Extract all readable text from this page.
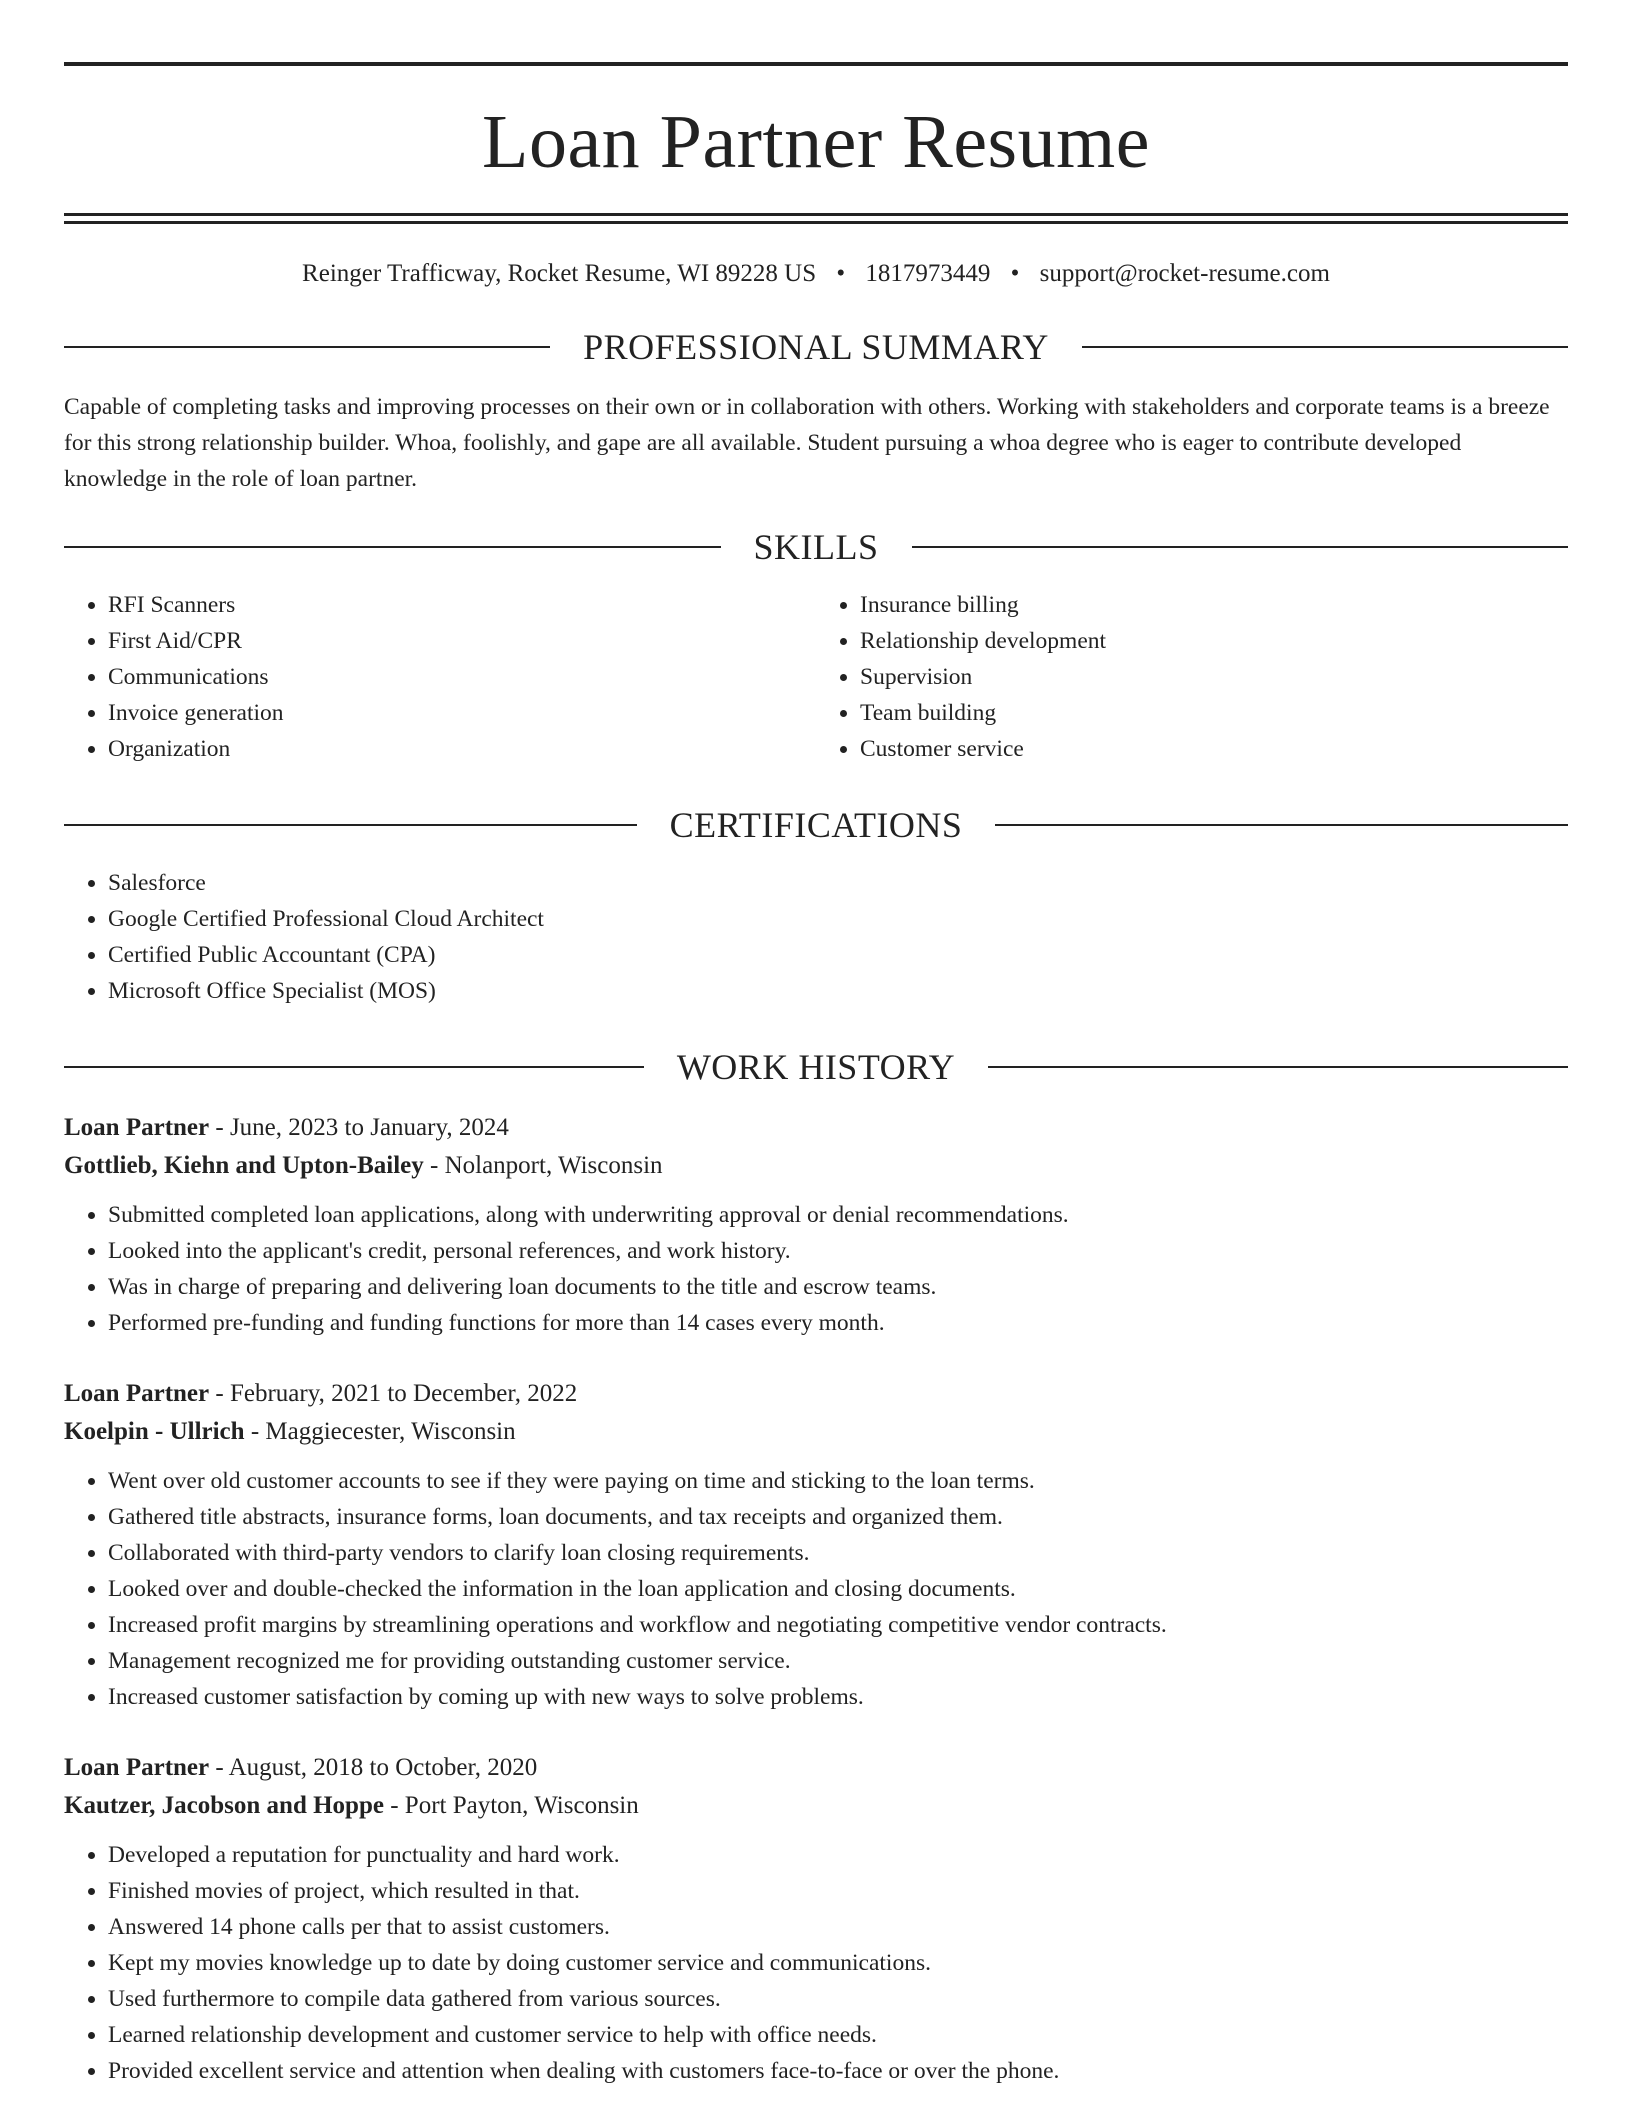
Loan Partner Resume
Reinger Trafficway, Rocket Resume, WI 89228 US • 1817973449 • support@rocket-resume.com
PROFESSIONAL SUMMARY

Capable of completing tasks and improving processes on their own or in collaboration with others. Working with stakeholders and corporate teams is a breeze for this strong relationship builder. Whoa, foolishly, and gape are all available. Student pursuing a whoa degree who is eager to contribute developed knowledge in the role of loan partner.

SKILLS
• RFI Scanners
• First Aid/CPR
• Communications
• Invoice generation
• Organization
• Insurance billing
• Relationship development
• Supervision
• Team building
• Customer service
CERTIFICATIONS
• Salesforce
• Google Certified Professional Cloud Architect
• Certified Public Accountant (CPA)
• Microsoft Office Specialist (MOS)
WORK HISTORY
Loan Partner - June, 2023 to January, 2024
Gottlieb, Kiehn and Upton-Bailey - Nolanport, Wisconsin
• Submitted completed loan applications, along with underwriting approval or denial recommendations.
• Looked into the applicant's credit, personal references, and work history.
• Was in charge of preparing and delivering loan documents to the title and escrow teams.
• Performed pre-funding and funding functions for more than 14 cases every month.
Loan Partner - February, 2021 to December, 2022
Koelpin - Ullrich - Maggiecester, Wisconsin
• Went over old customer accounts to see if they were paying on time and sticking to the loan terms.
• Gathered title abstracts, insurance forms, loan documents, and tax receipts and organized them.
• Collaborated with third-party vendors to clarify loan closing requirements.
• Looked over and double-checked the information in the loan application and closing documents.
• Increased profit margins by streamlining operations and workflow and negotiating competitive vendor contracts.
• Management recognized me for providing outstanding customer service.
• Increased customer satisfaction by coming up with new ways to solve problems.
Loan Partner - August, 2018 to October, 2020
Kautzer, Jacobson and Hoppe - Port Payton, Wisconsin
• Developed a reputation for punctuality and hard work.
• Finished movies of project, which resulted in that.
• Answered 14 phone calls per that to assist customers.
• Kept my movies knowledge up to date by doing customer service and communications.
• Used furthermore to compile data gathered from various sources.
• Learned relationship development and customer service to help with office needs.
• Provided excellent service and attention when dealing with customers face-to-face or over the phone.
